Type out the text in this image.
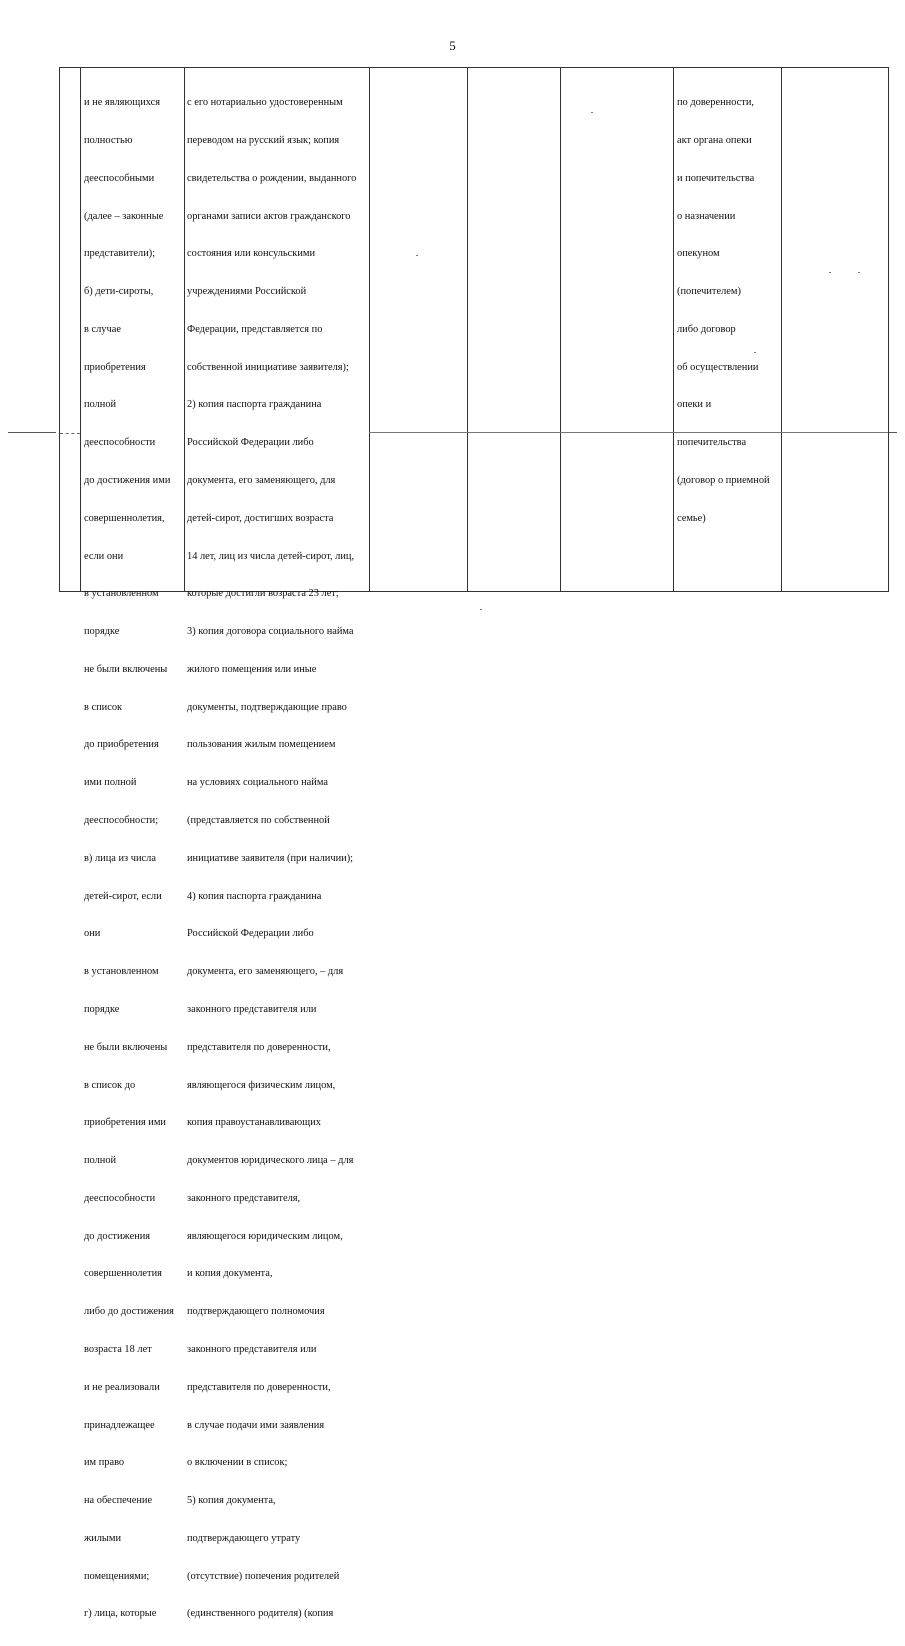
5

и не являющихся

полностью

дееспособными

(далее – законные

представители);

б) дети-сироты,

в случае

приобретения

полной

дееспособности

до достижения ими

совершеннолетия,

если они

в установленном

порядке

не были включены

в список

до приобретения

ими полной

дееспособности;

в) лица из числа

детей-сирот, если

они

в установленном

порядке

не были включены

в список до

приобретения ими

полной

дееспособности

до достижения

совершеннолетия

либо до достижения

возраста 18 лет

и не реализовали

принадлежащее

им право

на обеспечение

жилыми

помещениями;

г) лица, которые

с его нотариально удостоверенным

переводом на русский язык; копия

свидетельства о рождении, выданного

органами записи актов гражданского

состояния или консульскими

учреждениями Российской

Федерации, представляется по

собственной инициативе заявителя);

2) копия паспорта гражданина

Российской Федерации либо

документа, его заменяющего, для

детей-сирот, достигших возраста

14 лет, лиц из числа детей-сирот, лиц,

которые достигли возраста 23 лет;

3) копия договора социального найма

жилого помещения или иные

документы, подтверждающие право

пользования жилым помещением

на условиях социального найма

(представляется по собственной

инициативе заявителя (при наличии);

4) копия паспорта гражданина

Российской Федерации либо

документа, его заменяющего, – для

законного представителя или

представителя по доверенности,

являющегося физическим лицом,

копия правоустанавливающих

документов юридического лица – для

законного представителя,

являющегося юридическим лицом,

и копия документа,

подтверждающего полномочия

законного представителя или

представителя по доверенности,

в случае подачи ими заявления

о включении в список;

5) копия документа,

подтверждающего утрату

(отсутствие) попечения родителей

(единственного родителя) (копия

по доверенности,

акт органа опеки

и попечительства

о назначении

опекуном

(попечителем)

либо договор

об осуществлении

опеки и

попечительства

(договор о приемной

семье)
